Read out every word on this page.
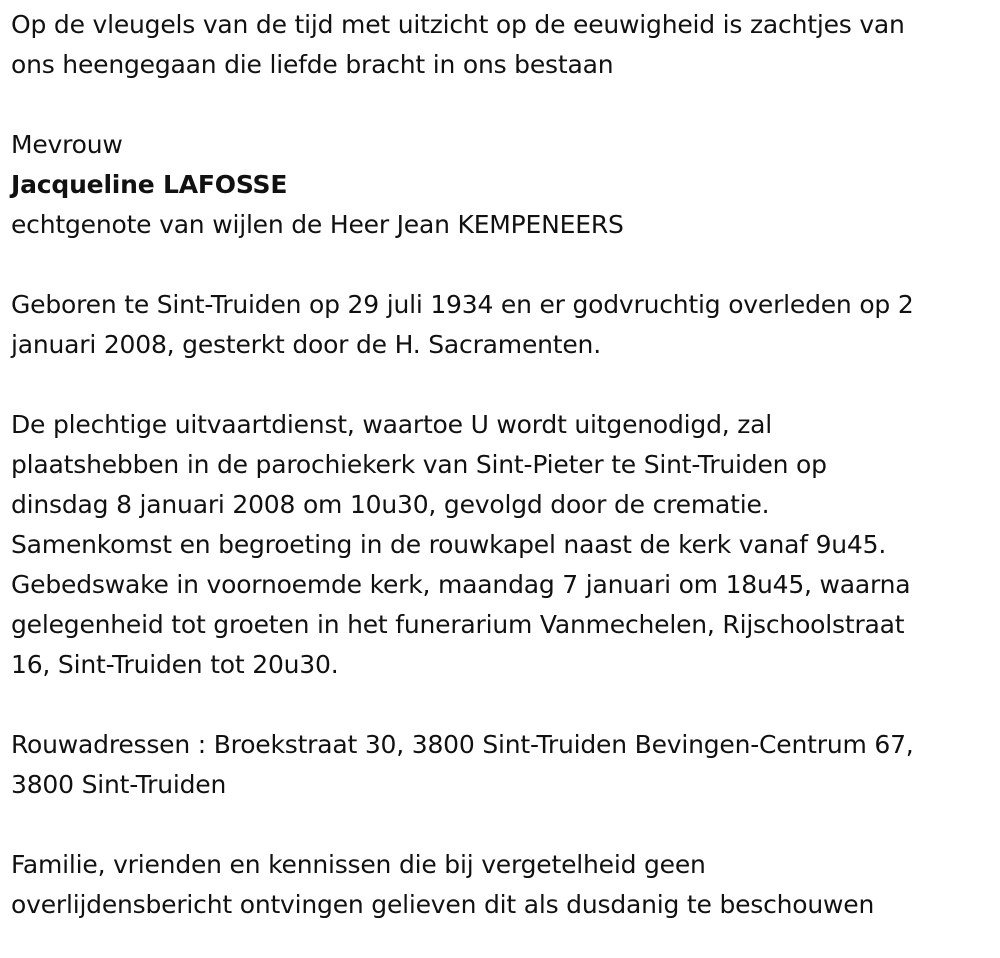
Op de vleugels van de tijd met uitzicht op de eeuwigheid is zachtjes van
ons heengegaan die liefde bracht in ons bestaan
Mevrouw
Jacqueline LAFOSSE
echtgenote van wijlen de Heer Jean KEMPENEERS
Geboren te Sint-Truiden op 29 juli 1934 en er godvruchtig overleden op 2
januari 2008, gesterkt door de H. Sacramenten.
De plechtige uitvaartdienst, waartoe U wordt uitgenodigd, zal
plaatshebben in de parochiekerk van Sint-Pieter te Sint-Truiden op
dinsdag 8 januari 2008 om 10u30, gevolgd door de crematie.
Samenkomst en begroeting in de rouwkapel naast de kerk vanaf 9u45.
Gebedswake in voornoemde kerk, maandag 7 januari om 18u45, waarna
gelegenheid tot groeten in het funerarium Vanmechelen, Rijschoolstraat
16, Sint-Truiden tot 20u30.
Rouwadressen : Broekstraat 30, 3800 Sint-Truiden Bevingen-Centrum 67,
3800 Sint-Truiden
Familie, vrienden en kennissen die bij vergetelheid geen
overlijdensbericht ontvingen gelieven dit als dusdanig te beschouwen
